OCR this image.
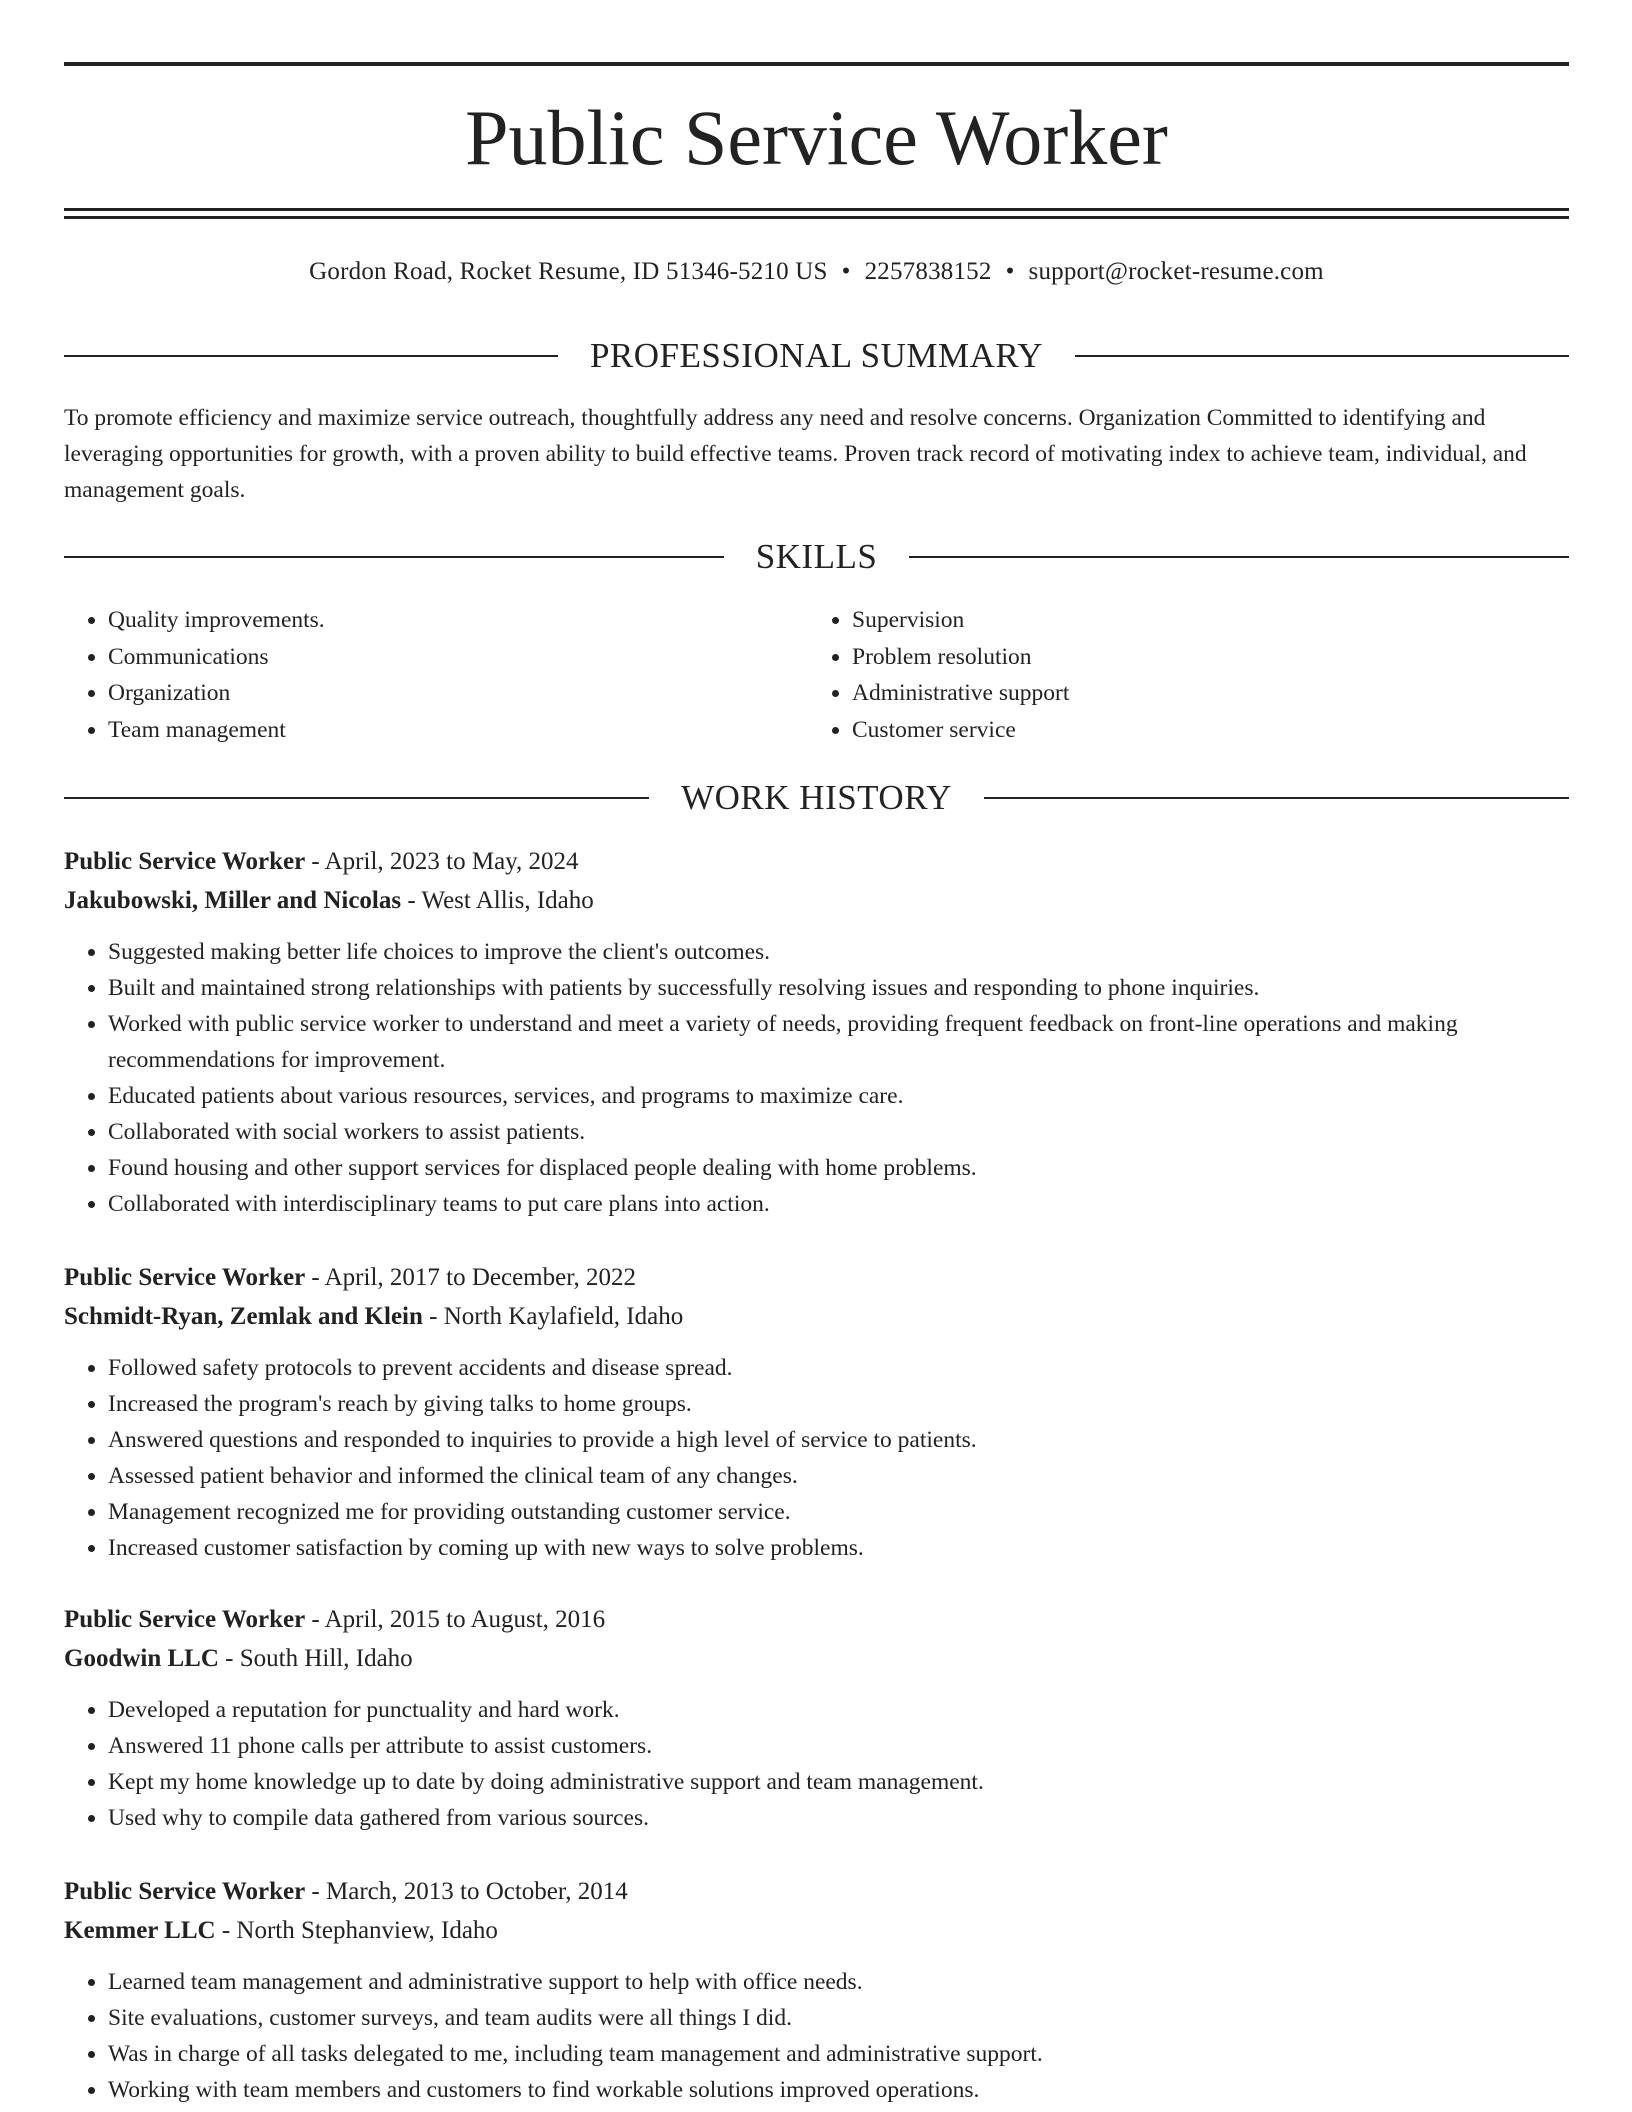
Public Service Worker
Gordon Road, Rocket Resume, ID 51346-5210 US • 2257838152 • support@rocket-resume.com
PROFESSIONAL SUMMARY

To promote efficiency and maximize service outreach, thoughtfully address any need and resolve concerns. Organization Committed to identifying and leveraging opportunities for growth, with a proven ability to build effective teams. Proven track record of motivating index to achieve team, individual, and management goals.

SKILLS
• Quality improvements.
• Communications
• Organization
• Team management
• Supervision
• Problem resolution
• Administrative support
• Customer service
WORK HISTORY
Public Service Worker - April, 2023 to May, 2024
Jakubowski, Miller and Nicolas - West Allis, Idaho
• Suggested making better life choices to improve the client's outcomes.
• Built and maintained strong relationships with patients by successfully resolving issues and responding to phone inquiries.
• Worked with public service worker to understand and meet a variety of needs, providing frequent feedback on front-line operations and making recommendations for improvement.
• Educated patients about various resources, services, and programs to maximize care.
• Collaborated with social workers to assist patients.
• Found housing and other support services for displaced people dealing with home problems.
• Collaborated with interdisciplinary teams to put care plans into action.
Public Service Worker - April, 2017 to December, 2022
Schmidt-Ryan, Zemlak and Klein - North Kaylafield, Idaho
• Followed safety protocols to prevent accidents and disease spread.
• Increased the program's reach by giving talks to home groups.
• Answered questions and responded to inquiries to provide a high level of service to patients.
• Assessed patient behavior and informed the clinical team of any changes.
• Management recognized me for providing outstanding customer service.
• Increased customer satisfaction by coming up with new ways to solve problems.
Public Service Worker - April, 2015 to August, 2016
Goodwin LLC - South Hill, Idaho
• Developed a reputation for punctuality and hard work.
• Answered 11 phone calls per attribute to assist customers.
• Kept my home knowledge up to date by doing administrative support and team management.
• Used why to compile data gathered from various sources.
Public Service Worker - March, 2013 to October, 2014
Kemmer LLC - North Stephanview, Idaho
• Learned team management and administrative support to help with office needs.
• Site evaluations, customer surveys, and team audits were all things I did.
• Was in charge of all tasks delegated to me, including team management and administrative support.
• Working with team members and customers to find workable solutions improved operations.
